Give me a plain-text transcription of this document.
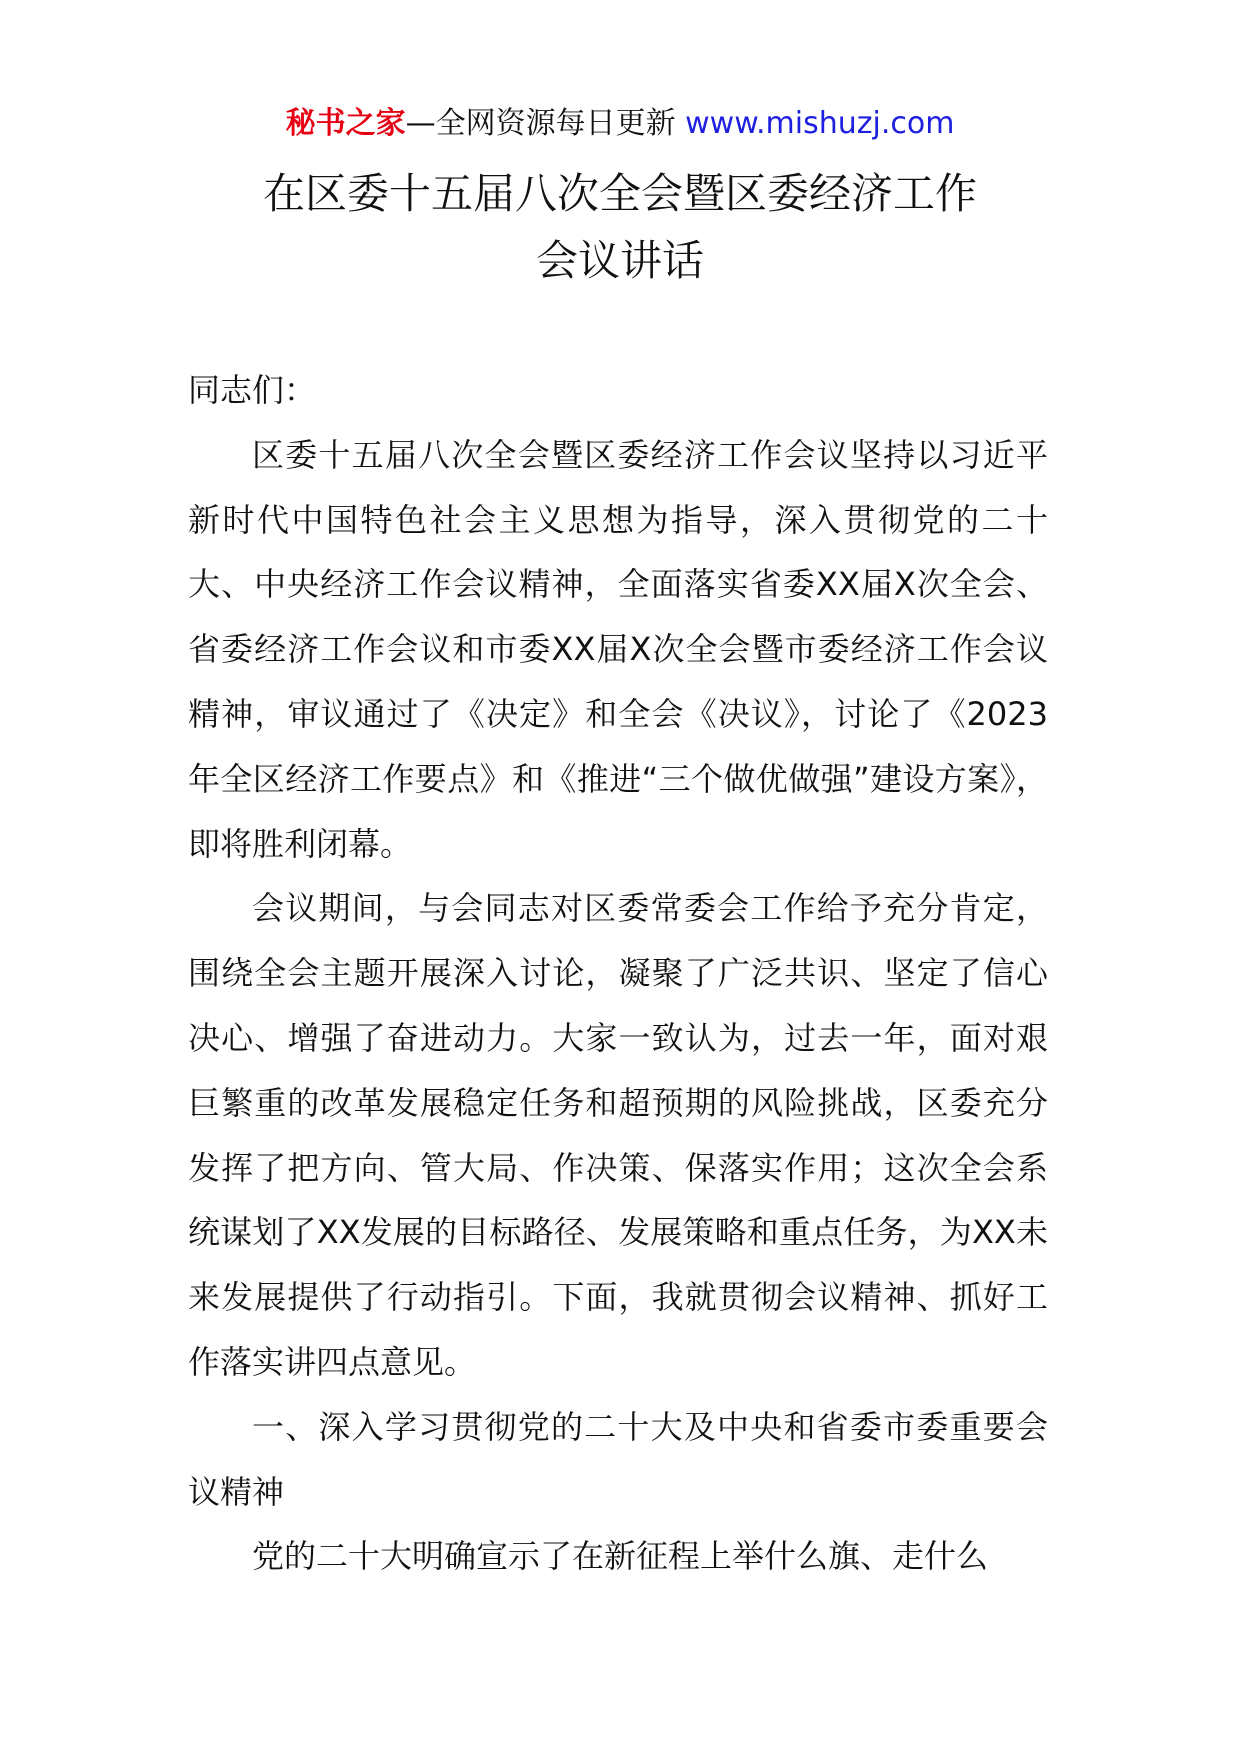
秘书之家—全网资源每日更新 www.mishuzj.com
在区委十五届八次全会暨区委经济工作
会议讲话

同志们：

区委十五届八次全会暨区委经济工作会议坚持以习近平新时代中国特色社会主义思想为指导，深入贯彻党的二十大、中央经济工作会议精神，全面落实省委XX届X次全会、省委经济工作会议和市委XX届X次全会暨市委经济工作会议精神，审议通过了《决定》和全会《决议》，讨论了《2023年全区经济工作要点》和《推进“三个做优做强”建设方案》，即将胜利闭幕。

会议期间，与会同志对区委常委会工作给予充分肯定，围绕全会主题开展深入讨论，凝聚了广泛共识、坚定了信心决心、增强了奋进动力。大家一致认为，过去一年，面对艰巨繁重的改革发展稳定任务和超预期的风险挑战，区委充分发挥了把方向、管大局、作决策、保落实作用；这次全会系统谋划了XX发展的目标路径、发展策略和重点任务，为XX未来发展提供了行动指引。下面，我就贯彻会议精神、抓好工作落实讲四点意见。

一、深入学习贯彻党的二十大及中央和省委市委重要会议精神

党的二十大明确宣示了在新征程上举什么旗、走什么
